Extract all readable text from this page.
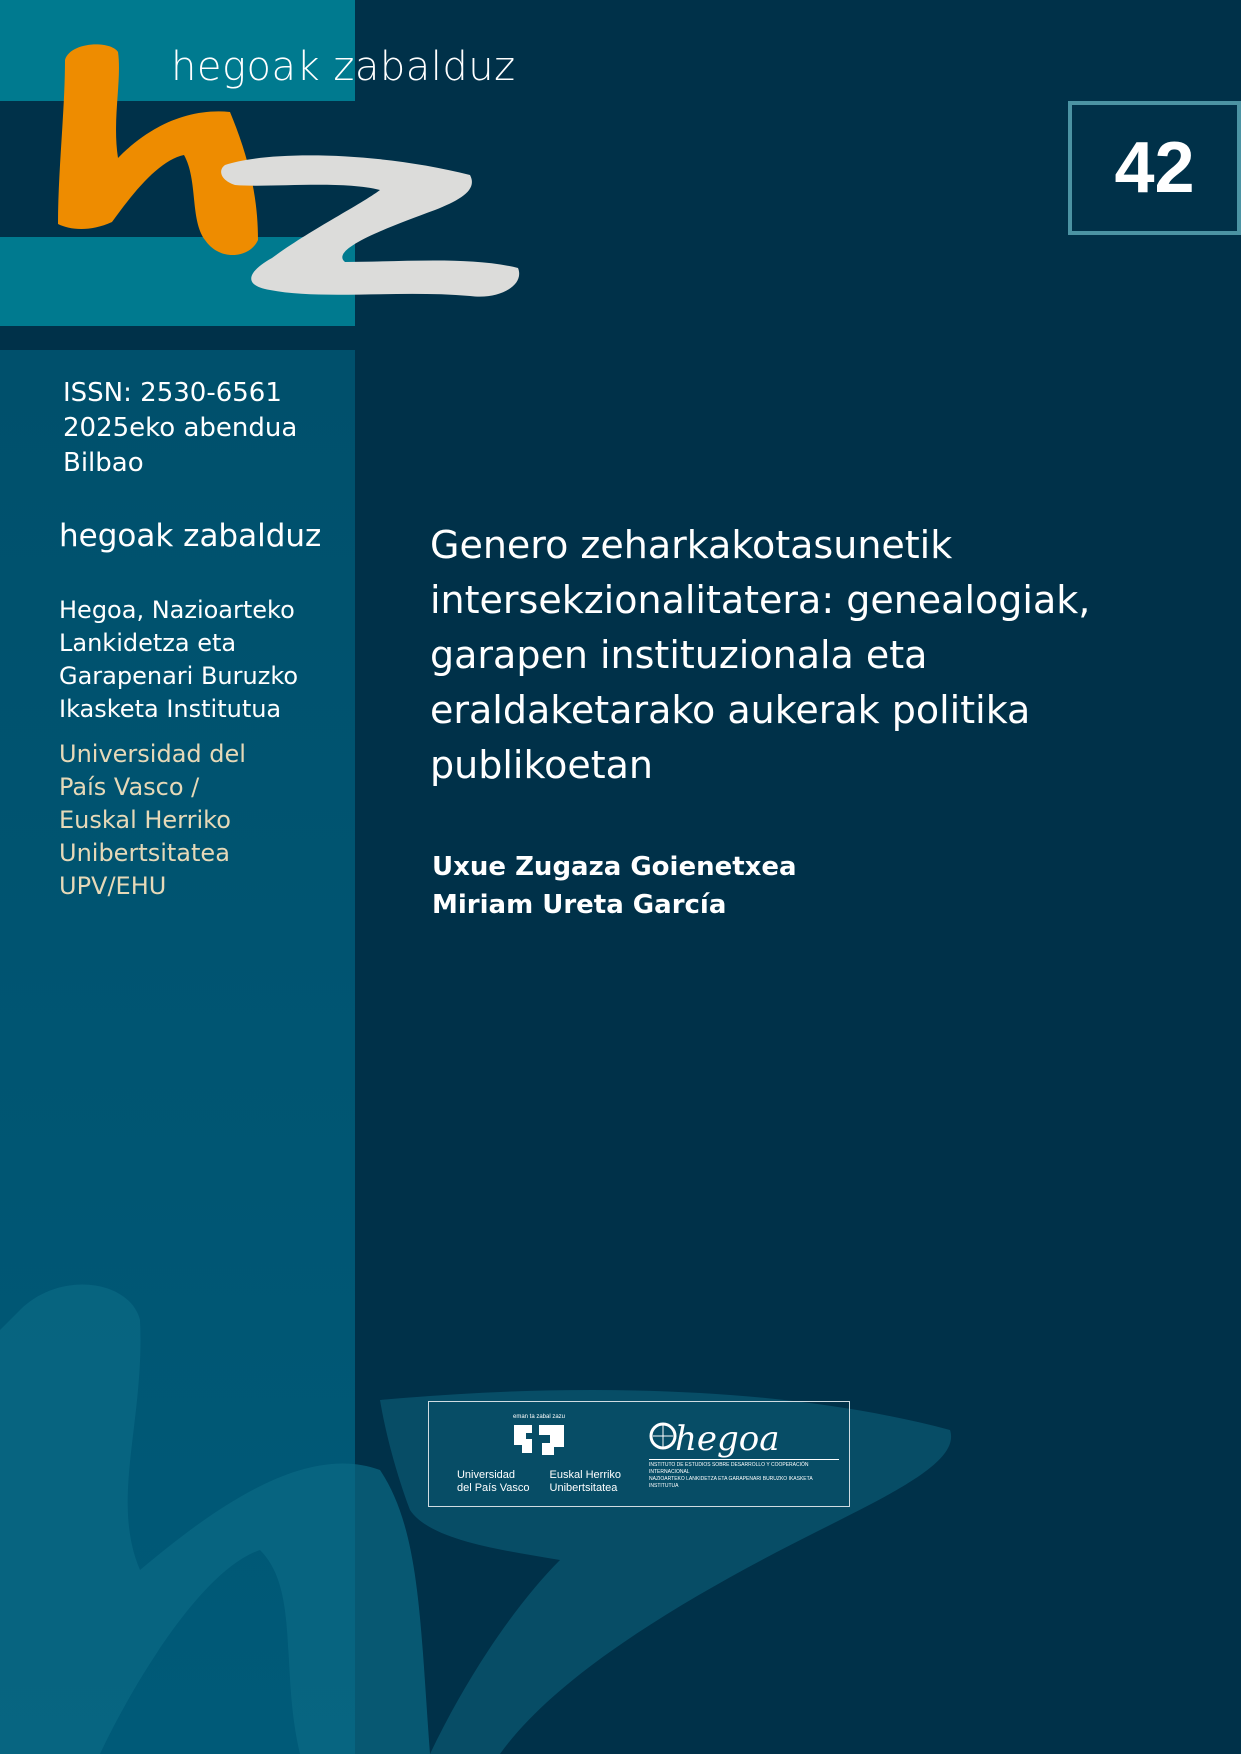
hegoak zabalduz
42
ISSN: 2530-6561
2025eko abendua
Bilbao
hegoak zabalduz
Hegoa, Nazioarteko
Lankidetza eta
Garapenari Buruzko
Ikasketa Institutua
Universidad del
País Vasco /
Euskal Herriko
Unibertsitatea
UPV/EHU
Genero zeharkakotasunetik intersekzionalitatera: genealogiak, garapen instituzionala eta eraldaketarako aukerak politika publikoetan
Uxue Zugaza Goienetxea
Miriam Ureta García
eman ta zabal zazu
Universidad
del País Vasco
Euskal Herriko
Unibertsitatea
hegoa
INSTITUTO DE ESTUDIOS SOBRE DESARROLLO Y COOPERACIÓN INTERNACIONAL
NAZIOARTEKO LANKIDETZA ETA GARAPENARI BURUZKO IKASKETA INSTITUTUA
